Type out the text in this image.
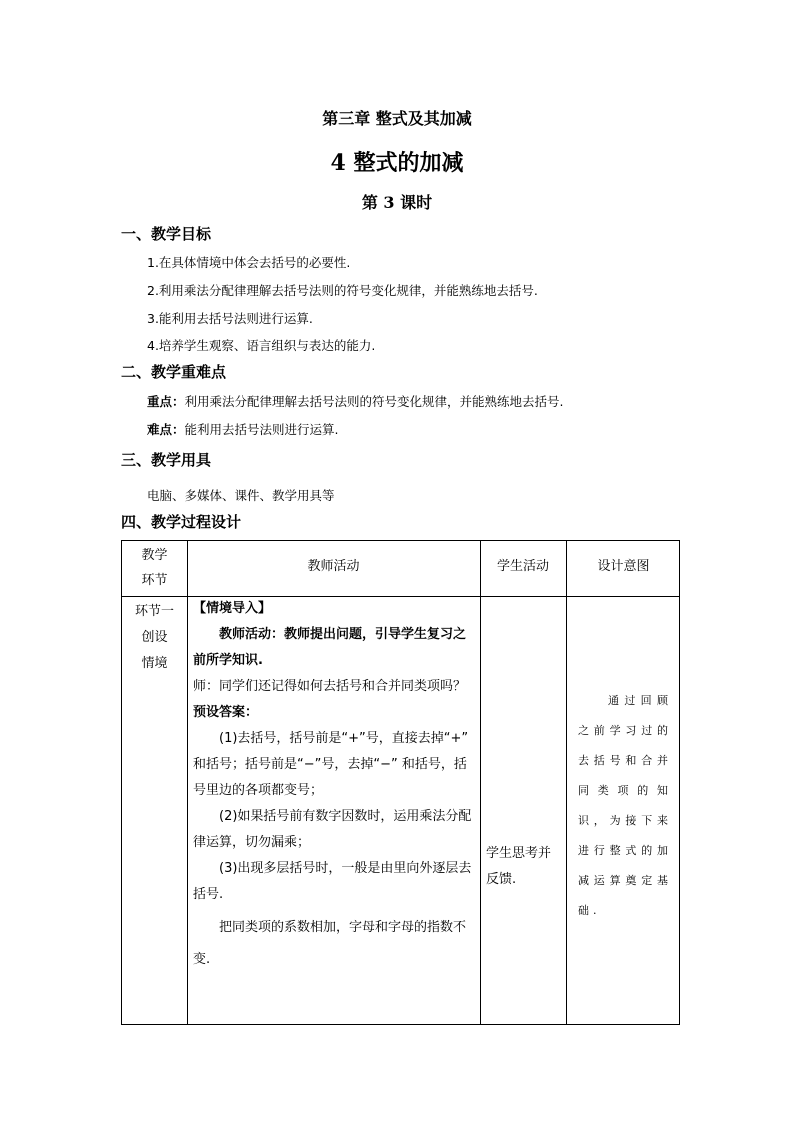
第三章 整式及其加减
4 整式的加减
第 3 课时
一、教学目标
1.在具体情境中体会去括号的必要性.
2.利用乘法分配律理解去括号法则的符号变化规律，并能熟练地去括号.
3.能利用去括号法则进行运算.
4.培养学生观察、语言组织与表达的能力.
二、教学重难点
重点：利用乘法分配律理解去括号法则的符号变化规律，并能熟练地去括号.
难点：能利用去括号法则进行运算.
三、教学用具
电脑、多媒体、课件、教学用具等
四、教学过程设计
教学
环节
教师活动	学生活动	设计意图
环节一
创设
情境

【情境导入】

教师活动：教师提出问题，引导学生复习之前所学知识.

师：同学们还记得如何去括号和合并同类项吗？

预设答案：

(1)去括号，括号前是“+”号，直接去掉“+” 和括号；括号前是“−”号，去掉“−” 和括号，括号里边的各项都变号；

(2)如果括号前有数字因数时，运用乘法分配律运算，切勿漏乘；

(3)出现多层括号时，一般是由里向外逐层去括号.

把同类项的系数相加，字母和字母的指数不变.

学生思考并反馈.
通过回顾之前学习过的去括号和合并同类项的知识，为接下来进行整式的加减运算奠定基础.
